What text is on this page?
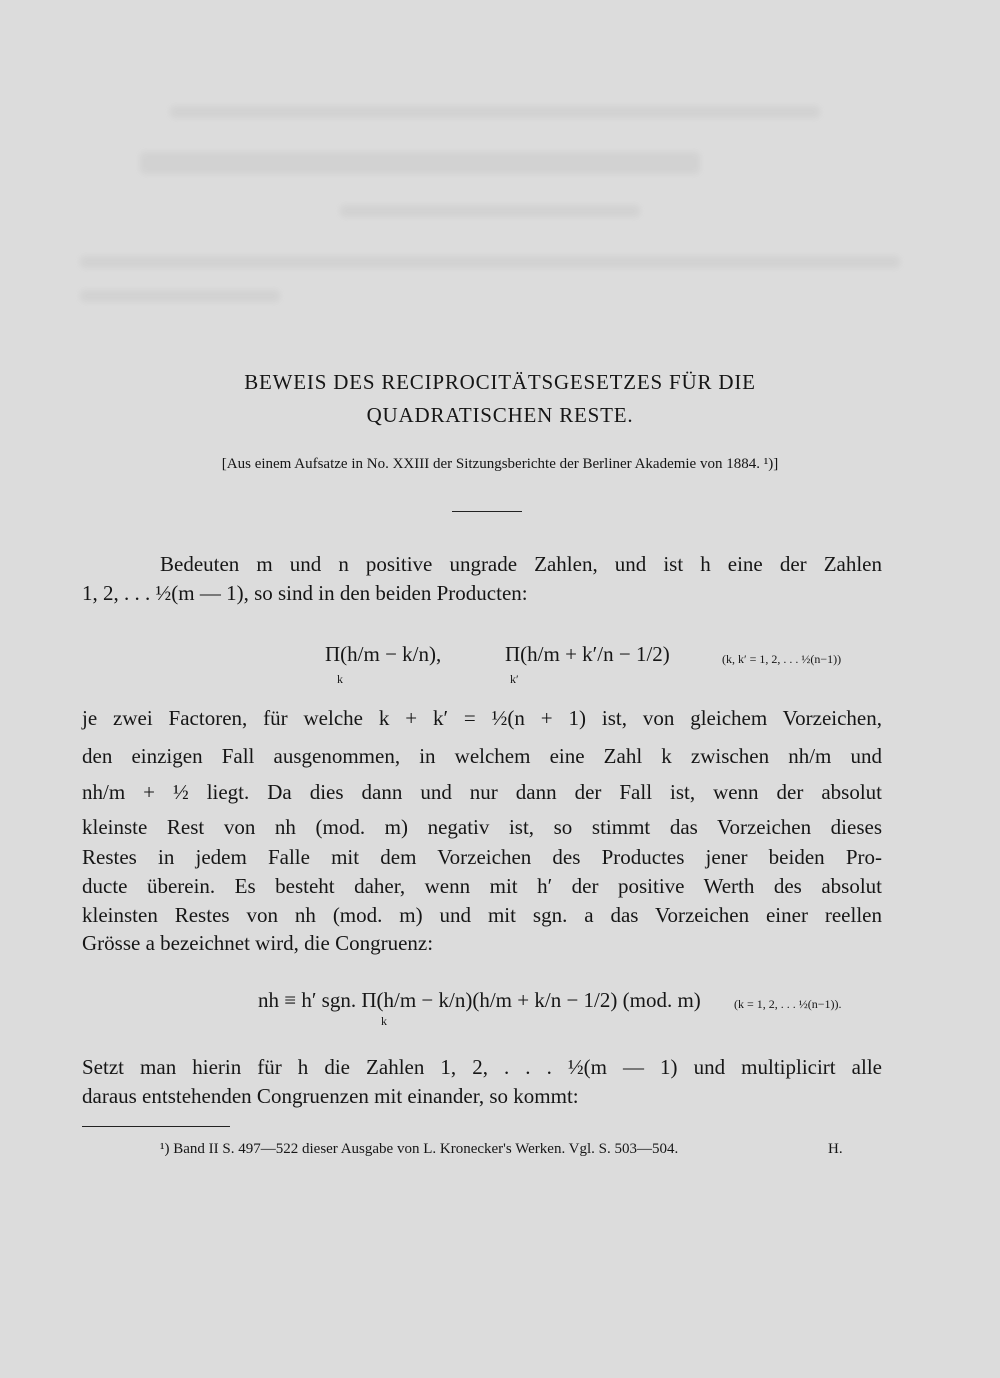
BEWEIS DES RECIPROCITÄTSGESETZES FÜR DIE
QUADRATISCHEN RESTE.
[Aus einem Aufsatze in No. XXIII der Sitzungsberichte der Berliner Akademie von 1884. ¹)]
Bedeuten m und n positive ungrade Zahlen, und ist h eine der Zahlen
1, 2, . . . ½(m — 1), so sind in den beiden Producten:
Π(h/m − k/n),
k
Π(h/m + k′/n − 1/2)
k′
(k, k′ = 1, 2, . . . ½(n−1))
je zwei Factoren, für welche k + k′ = ½(n + 1) ist, von gleichem Vorzeichen,
den einzigen Fall ausgenommen, in welchem eine Zahl k zwischen nh/m und
nh/m + ½ liegt. Da dies dann und nur dann der Fall ist, wenn der absolut
kleinste Rest von nh (mod. m) negativ ist, so stimmt das Vorzeichen dieses
Restes in jedem Falle mit dem Vorzeichen des Productes jener beiden Pro-
ducte überein. Es besteht daher, wenn mit h′ der positive Werth des absolut
kleinsten Restes von nh (mod. m) und mit sgn. a das Vorzeichen einer reellen
Grösse a bezeichnet wird, die Congruenz:
nh ≡ h′ sgn. Π(h/m − k/n)(h/m + k/n − 1/2) (mod. m)
k
(k = 1, 2, . . . ½(n−1)).
Setzt man hierin für h die Zahlen 1, 2, . . . ½(m — 1) und multiplicirt alle
daraus entstehenden Congruenzen mit einander, so kommt:
¹) Band II S. 497—522 dieser Ausgabe von L. Kronecker's Werken. Vgl. S. 503—504.	H.
